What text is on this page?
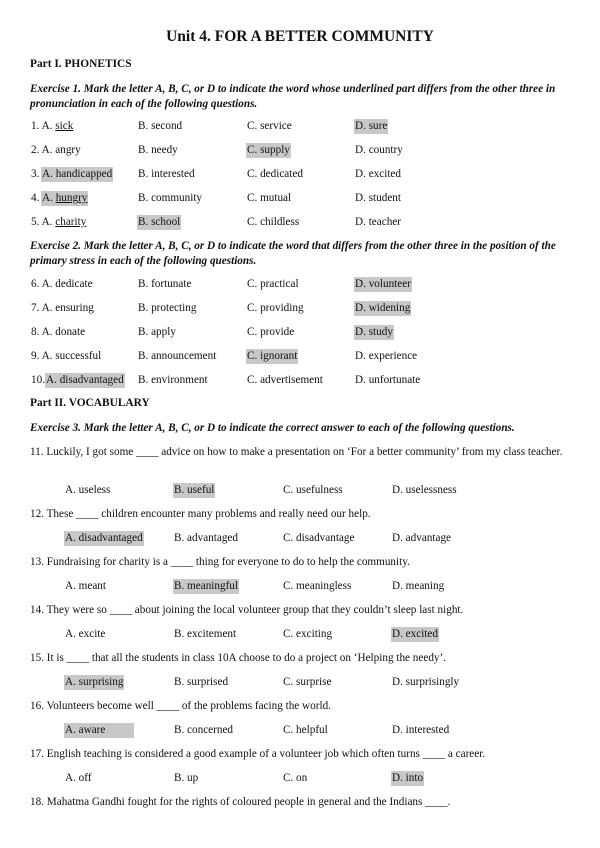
Unit 4. FOR A BETTER COMMUNITY
Part I. PHONETICS
Exercise 1. Mark the letter A, B, C, or D to indicate the word whose underlined part differs from the other three in pronunciation in each of the following questions.
1. A. sick	B. second	C. service	D. sure
2. A. angry	B. needy	C. supply	D. country
3. A. handicapped B. interested	C. dedicated	D. excited
4. A. hungry	B. community	C. mutual	D. student
5. A. charity	B. school	C. childless	D. teacher
Exercise 2. Mark the letter A, B, C, or D to indicate the word that differs from the other three in the position of the primary stress in each of the following questions.
6. A. dedicate	B. fortunate	C. practical	D. volunteer
7. A. ensuring	B. protecting	C. providing	D. widening
8. A. donate	B. apply	C. provide	D. study
9. A. successful	B. announcement	C. ignorant	D. experience
10. A. disadvantaged B. environment	C. advertisement	D. unfortunate
Part II. VOCABULARY
Exercise 3. Mark the letter A, B, C, or D to indicate the correct answer to each of the following questions.
11. Luckily, I got some ____ advice on how to make a presentation on ‘For a better community’ from my class teacher.
A. useless	B. useful	C. usefulness	D. uselessness
12. These ____ children encounter many problems and really need our help.
A. disadvantaged	B. advantaged	C. disadvantage	D. advantage
13. Fundraising for charity is a ____ thing for everyone to do to help the community.
A. meant	B. meaningful	C. meaningless	D. meaning
14. They were so ____ about joining the local volunteer group that they couldn’t sleep last night.
A. excite	B. excitement	C. exciting	D. excited
15. It is ____ that all the students in class 10A choose to do a project on ‘Helping the needy’.
A. surprising	B. surprised	C. surprise	D. surprisingly
16. Volunteers become well ____ of the problems facing the world.
A. aware	B. concerned	C. helpful	D. interested
17. English teaching is considered a good example of a volunteer job which often turns ____ a career.
A. off	B. up	C. on	D. into
18. Mahatma Gandhi fought for the rights of coloured people in general and the Indians ____.
